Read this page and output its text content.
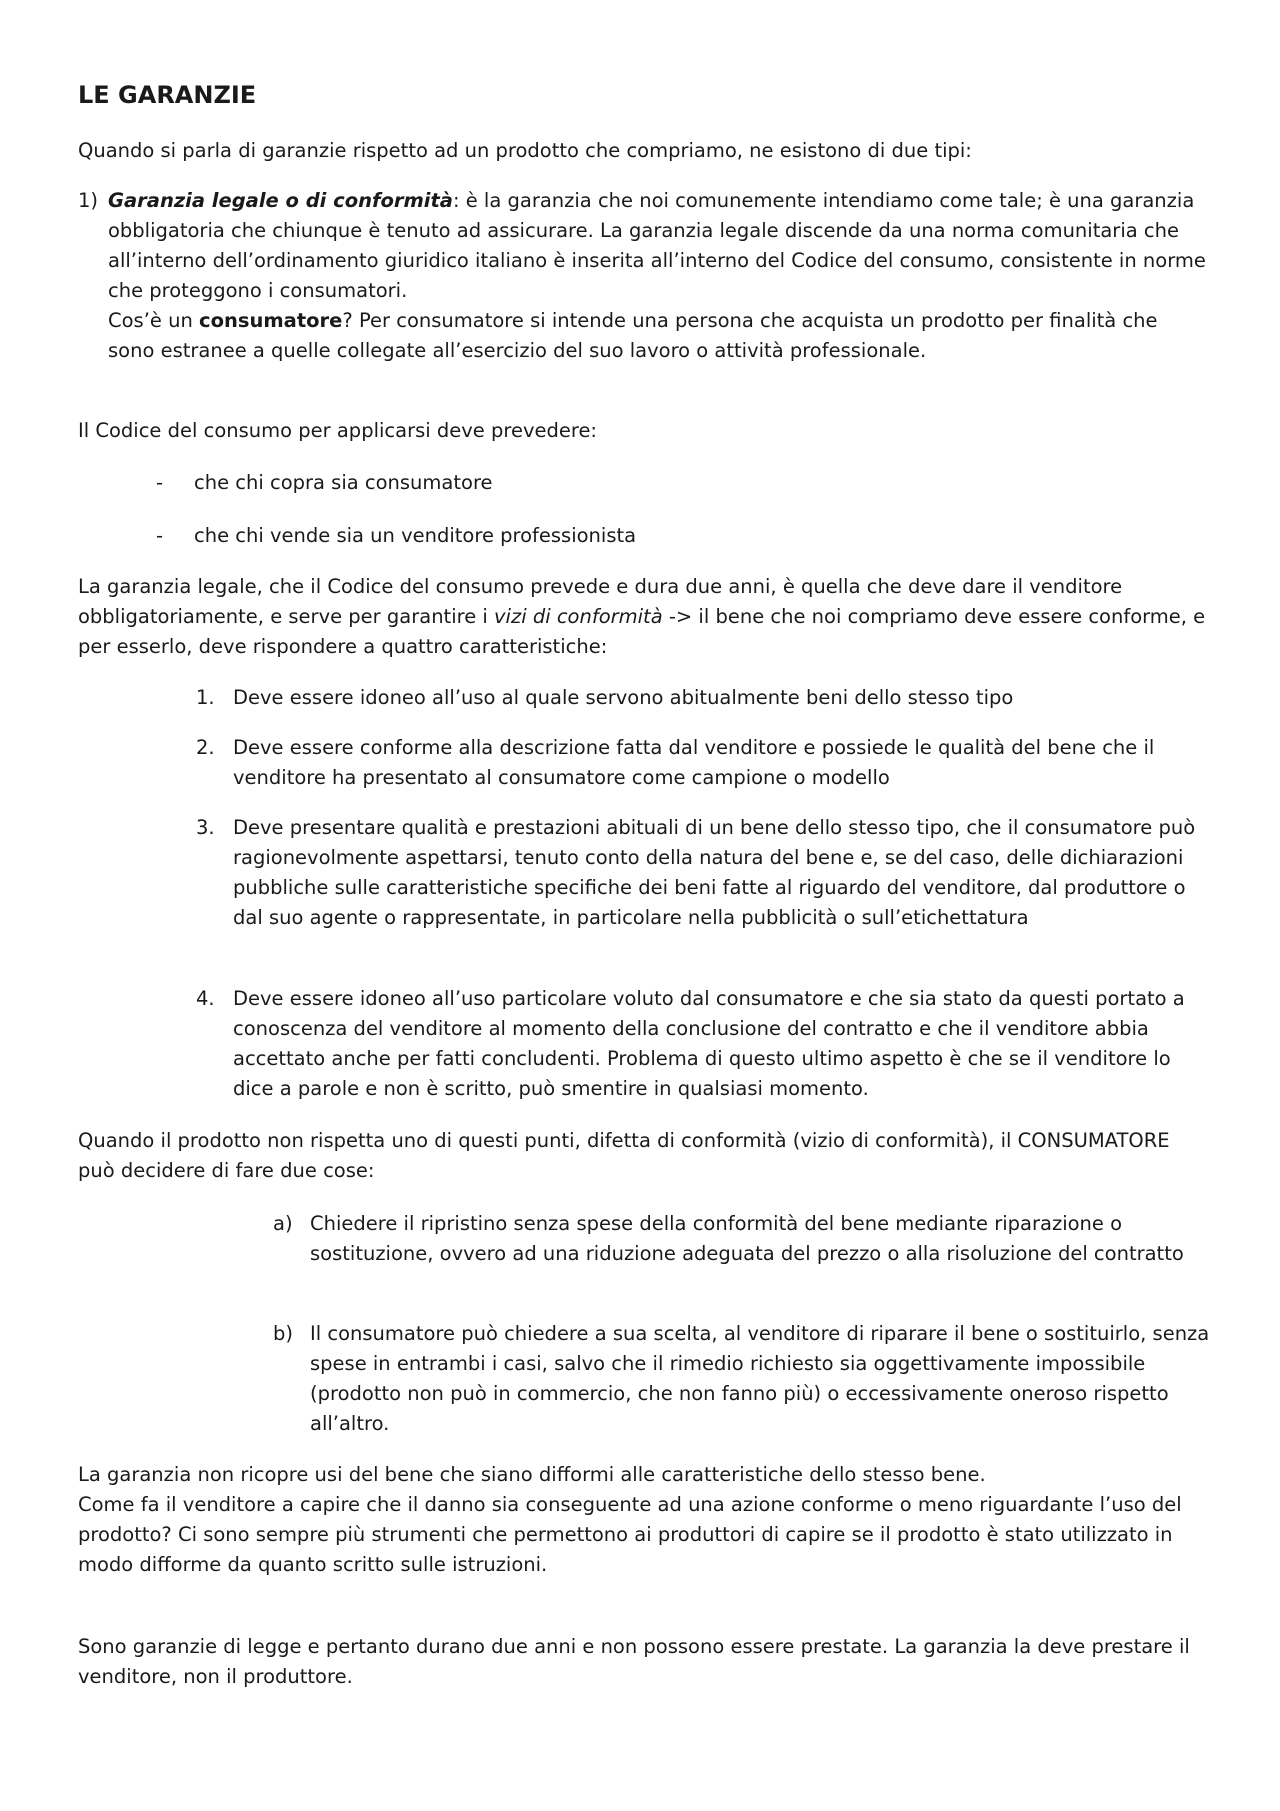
LE GARANZIE

Quando si parla di garanzie rispetto ad un prodotto che compriamo, ne esistono di due tipi:

1) Garanzia legale o di conformità: è la garanzia che noi comunemente intendiamo come tale; è una garanzia obbligatoria che chiunque è tenuto ad assicurare. La garanzia legale discende da una norma comunitaria che all’interno dell’ordinamento giuridico italiano è inserita all’interno del Codice del consumo, consistente in norme che proteggono i consumatori.

Cos’è un consumatore? Per consumatore si intende una persona che acquista un prodotto per finalità che sono estranee a quelle collegate all’esercizio del suo lavoro o attività professionale.

Il Codice del consumo per applicarsi deve prevedere:

- che chi copra sia consumatore
- che chi vende sia un venditore professionista

La garanzia legale, che il Codice del consumo prevede e dura due anni, è quella che deve dare il venditore obbligatoriamente, e serve per garantire i vizi di conformità -> il bene che noi compriamo deve essere conforme, e per esserlo, deve rispondere a quattro caratteristiche:

1. Deve essere idoneo all’uso al quale servono abitualmente beni dello stesso tipo

2. Deve essere conforme alla descrizione fatta dal venditore e possiede le qualità del bene che il venditore ha presentato al consumatore come campione o modello

3. Deve presentare qualità e prestazioni abituali di un bene dello stesso tipo, che il consumatore può ragionevolmente aspettarsi, tenuto conto della natura del bene e, se del caso, delle dichiarazioni pubbliche sulle caratteristiche specifiche dei beni fatte al riguardo del venditore, dal produttore o dal suo agente o rappresentate, in particolare nella pubblicità o sull’etichettatura

4. Deve essere idoneo all’uso particolare voluto dal consumatore e che sia stato da questi portato a conoscenza del venditore al momento della conclusione del contratto e che il venditore abbia accettato anche per fatti concludenti. Problema di questo ultimo aspetto è che se il venditore lo dice a parole e non è scritto, può smentire in qualsiasi momento.

Quando il prodotto non rispetta uno di questi punti, difetta di conformità (vizio di conformità), il CONSUMATORE può decidere di fare due cose:

a) Chiedere il ripristino senza spese della conformità del bene mediante riparazione o sostituzione, ovvero ad una riduzione adeguata del prezzo o alla risoluzione del contratto

b) Il consumatore può chiedere a sua scelta, al venditore di riparare il bene o sostituirlo, senza spese in entrambi i casi, salvo che il rimedio richiesto sia oggettivamente impossibile (prodotto non può in commercio, che non fanno più) o eccessivamente oneroso rispetto all’altro.

La garanzia non ricopre usi del bene che siano difformi alle caratteristiche dello stesso bene.

Come fa il venditore a capire che il danno sia conseguente ad una azione conforme o meno riguardante l’uso del prodotto? Ci sono sempre più strumenti che permettono ai produttori di capire se il prodotto è stato utilizzato in modo difforme da quanto scritto sulle istruzioni.

Sono garanzie di legge e pertanto durano due anni e non possono essere prestate. La garanzia la deve prestare il venditore, non il produttore.
